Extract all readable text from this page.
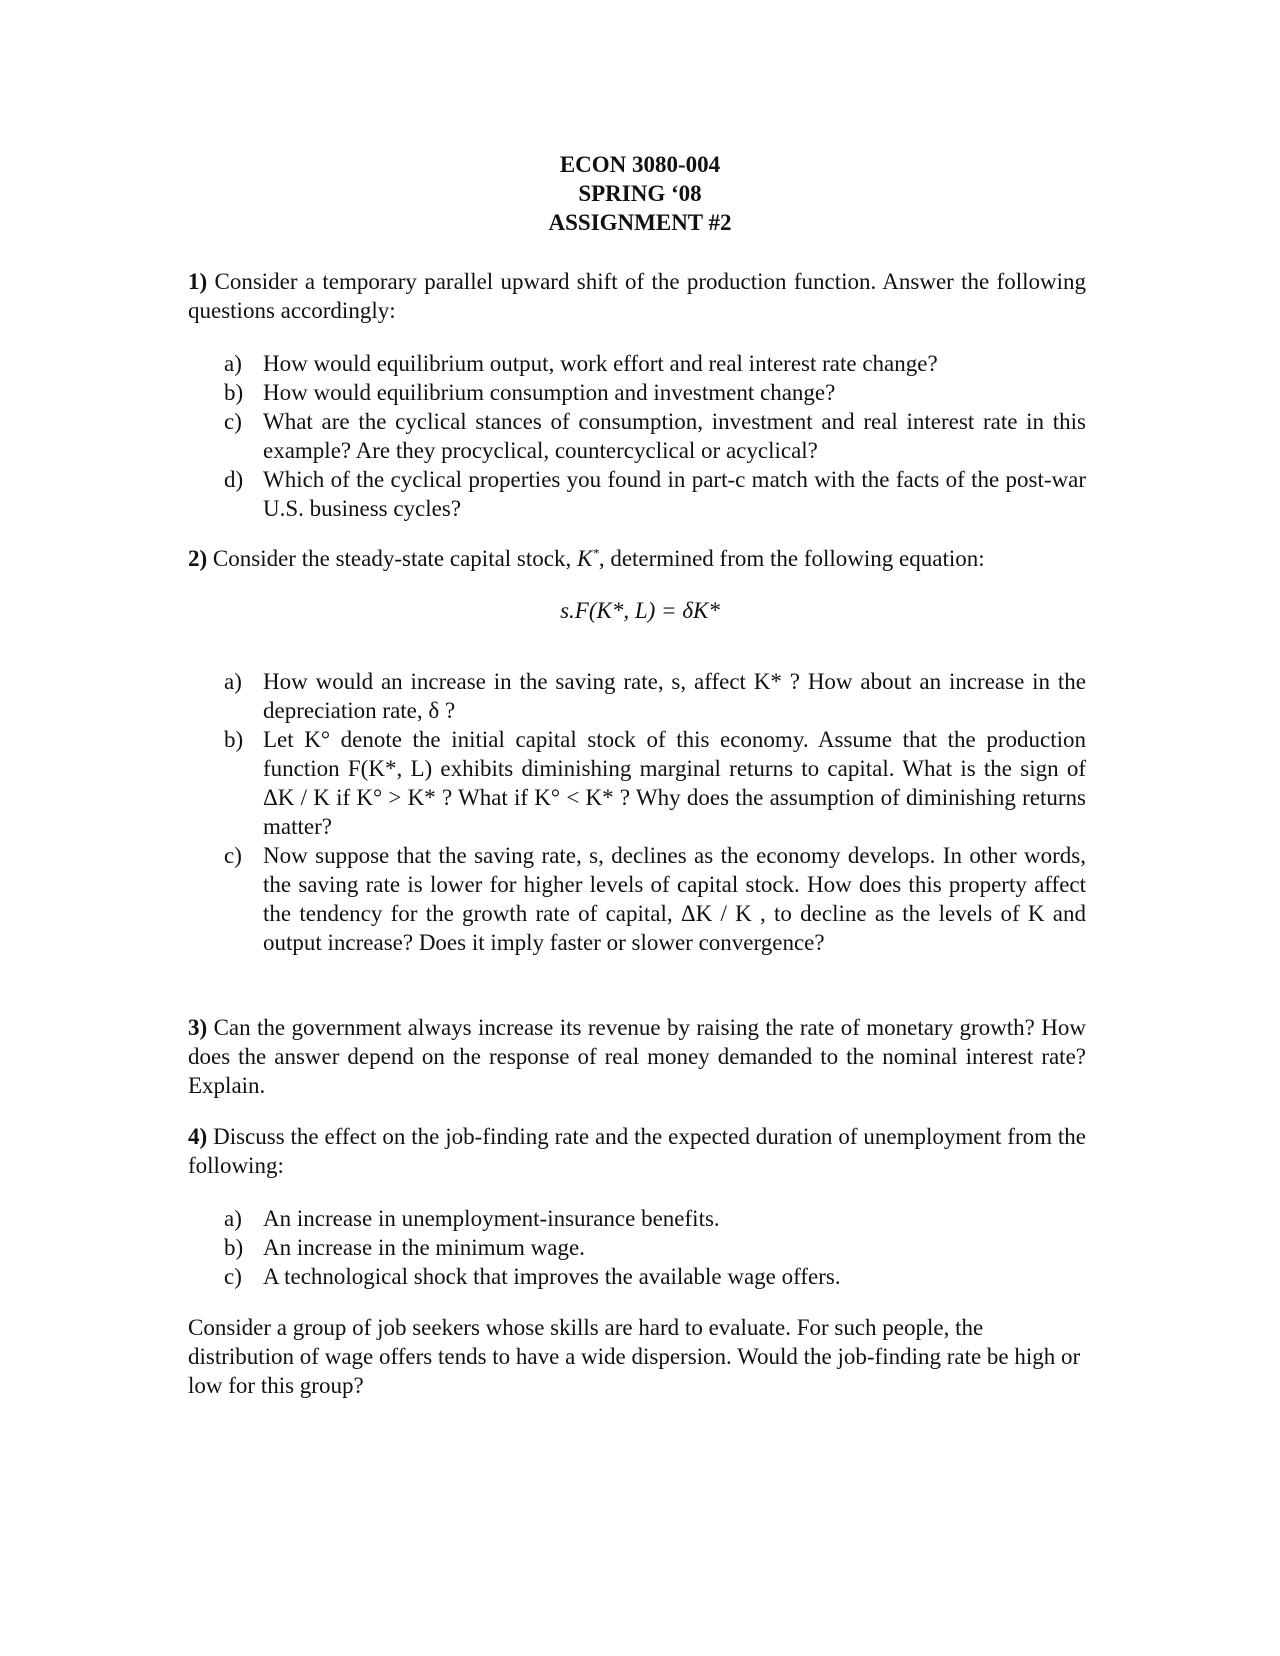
ECON 3080-004
SPRING ‘08
ASSIGNMENT #2
1) Consider a temporary parallel upward shift of the production function. Answer the following questions accordingly:
a) How would equilibrium output, work effort and real interest rate change?
b) How would equilibrium consumption and investment change?
c) What are the cyclical stances of consumption, investment and real interest rate in this example? Are they procyclical, countercyclical or acyclical?
d) Which of the cyclical properties you found in part-c match with the facts of the post-war U.S. business cycles?
2) Consider the steady-state capital stock, K*, determined from the following equation:
s.F(K*, L) = δK*
a) How would an increase in the saving rate, s, affect K* ? How about an increase in the depreciation rate, δ ?
b) Let K° denote the initial capital stock of this economy. Assume that the production function F(K*, L) exhibits diminishing marginal returns to capital. What is the sign of ΔK / K if K° > K* ? What if K° < K* ? Why does the assumption of diminishing returns matter?
c) Now suppose that the saving rate, s, declines as the economy develops. In other words, the saving rate is lower for higher levels of capital stock. How does this property affect the tendency for the growth rate of capital, ΔK / K , to decline as the levels of K and output increase? Does it imply faster or slower convergence?
3) Can the government always increase its revenue by raising the rate of monetary growth? How does the answer depend on the response of real money demanded to the nominal interest rate? Explain.
4) Discuss the effect on the job-finding rate and the expected duration of unemployment from the following:
a) An increase in unemployment-insurance benefits.
b) An increase in the minimum wage.
c) A technological shock that improves the available wage offers.
Consider a group of job seekers whose skills are hard to evaluate. For such people, the distribution of wage offers tends to have a wide dispersion. Would the job-finding rate be high or low for this group?
